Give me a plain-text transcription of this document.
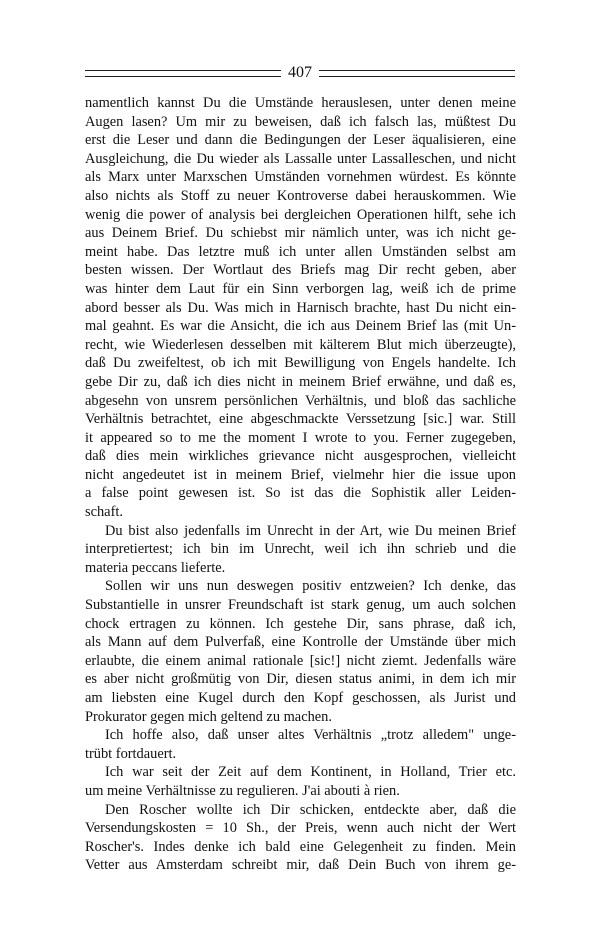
407
namentlich kannst Du die Umstände herauslesen, unter denen meine
Augen lasen? Um mir zu beweisen, daß ich falsch las, müßtest Du
erst die Leser und dann die Bedingungen der Leser äqualisieren, eine
Ausgleichung, die Du wieder als Lassalle unter Lassalleschen, und nicht
als Marx unter Marxschen Umständen vornehmen würdest. Es könnte
also nichts als Stoff zu neuer Kontroverse dabei herauskommen. Wie
wenig die power of analysis bei dergleichen Operationen hilft, sehe ich
aus Deinem Brief. Du schiebst mir nämlich unter, was ich nicht ge-
meint habe. Das letztre muß ich unter allen Umständen selbst am
besten wissen. Der Wortlaut des Briefs mag Dir recht geben, aber
was hinter dem Laut für ein Sinn verborgen lag, weiß ich de prime
abord besser als Du. Was mich in Harnisch brachte, hast Du nicht ein-
mal geahnt. Es war die Ansicht, die ich aus Deinem Brief las (mit Un-
recht, wie Wiederlesen desselben mit kälterem Blut mich überzeugte),
daß Du zweifeltest, ob ich mit Bewilligung von Engels handelte. Ich
gebe Dir zu, daß ich dies nicht in meinem Brief erwähne, und daß es,
abgesehn von unsrem persönlichen Verhältnis, und bloß das sachliche
Verhältnis betrachtet, eine abgeschmackte Verssetzung [sic.] war. Still
it appeared so to me the moment I wrote to you. Ferner zugegeben,
daß dies mein wirkliches grievance nicht ausgesprochen, vielleicht
nicht angedeutet ist in meinem Brief, vielmehr hier die issue upon
a false point gewesen ist. So ist das die Sophistik aller Leiden-
schaft.
Du bist also jedenfalls im Unrecht in der Art, wie Du meinen Brief
interpretiertest; ich bin im Unrecht, weil ich ihn schrieb und die
materia peccans lieferte.
Sollen wir uns nun deswegen positiv entzweien? Ich denke, das
Substantielle in unsrer Freundschaft ist stark genug, um auch solchen
chock ertragen zu können. Ich gestehe Dir, sans phrase, daß ich,
als Mann auf dem Pulverfaß, eine Kontrolle der Umstände über mich
erlaubte, die einem animal rationale [sic!] nicht ziemt. Jedenfalls wäre
es aber nicht großmütig von Dir, diesen status animi, in dem ich mir
am liebsten eine Kugel durch den Kopf geschossen, als Jurist und
Prokurator gegen mich geltend zu machen.
Ich hoffe also, daß unser altes Verhältnis „trotz alledem" unge-
trübt fortdauert.
Ich war seit der Zeit auf dem Kontinent, in Holland, Trier etc.
um meine Verhältnisse zu regulieren. J'ai abouti à rien.
Den Roscher wollte ich Dir schicken, entdeckte aber, daß die
Versendungskosten = 10 Sh., der Preis, wenn auch nicht der Wert
Roscher's. Indes denke ich bald eine Gelegenheit zu finden. Mein
Vetter aus Amsterdam schreibt mir, daß Dein Buch von ihrem ge-
